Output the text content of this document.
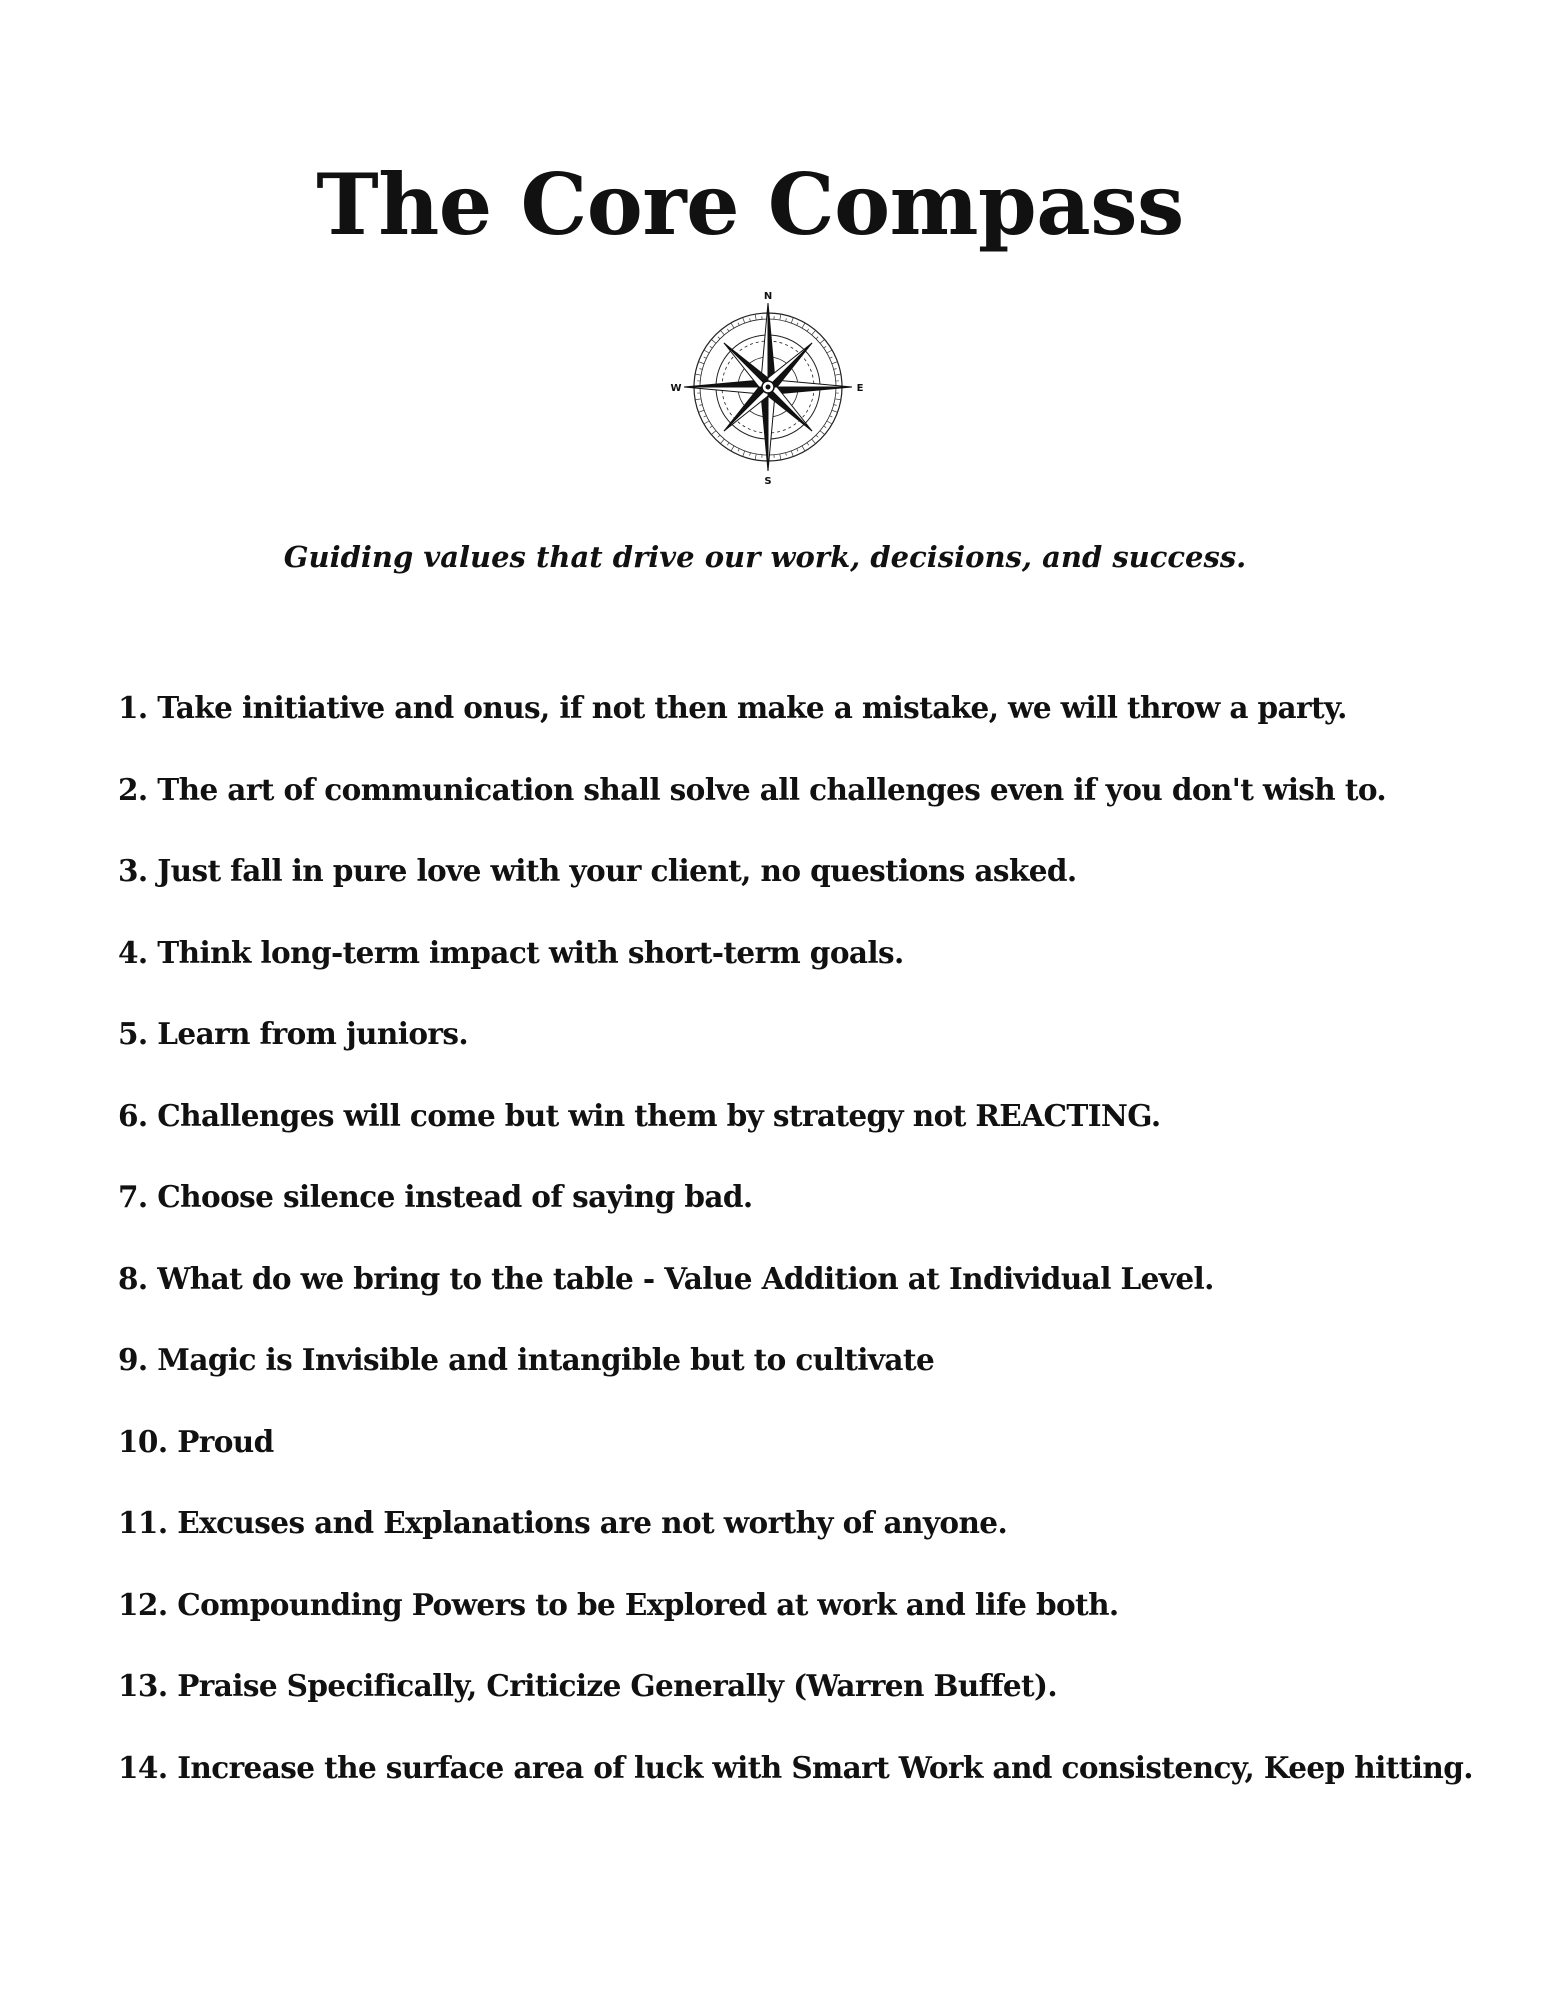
The Core Compass
N
S
E
W

Guiding values that drive our work, decisions, and success.

1. Take initiative and onus, if not then make a mistake, we will throw a party.
2. The art of communication shall solve all challenges even if you don't wish to.
3. Just fall in pure love with your client, no questions asked.
4. Think long-term impact with short-term goals.
5. Learn from juniors.
6. Challenges will come but win them by strategy not REACTING.
7. Choose silence instead of saying bad.
8. What do we bring to the table - Value Addition at Individual Level.
9. Magic is Invisible and intangible but to cultivate
10. Proud
11. Excuses and Explanations are not worthy of anyone.
12. Compounding Powers to be Explored at work and life both.
13. Praise Specifically, Criticize Generally (Warren Buffet).
14. Increase the surface area of luck with Smart Work and consistency, Keep hitting.
